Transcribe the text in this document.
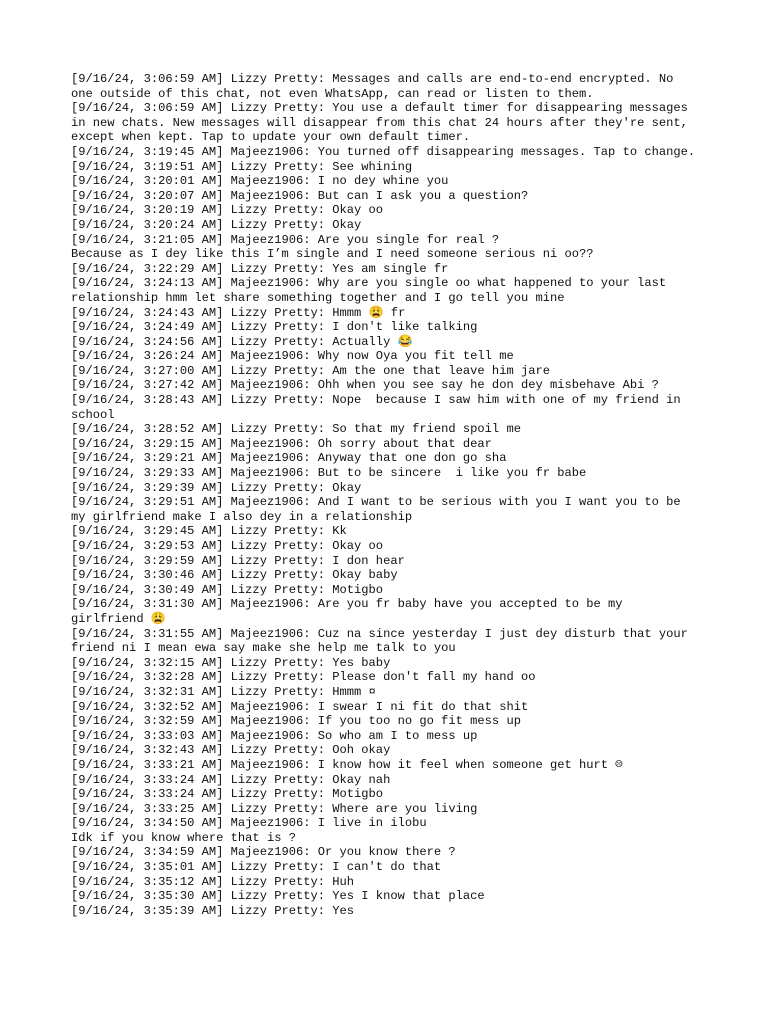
[9/16/24, 3:06:59 AM] Lizzy Pretty: Messages and calls are end-to-end encrypted. No one outside of this chat, not even WhatsApp, can read or listen to them.
[9/16/24, 3:06:59 AM] Lizzy Pretty: You use a default timer for disappearing messages in new chats. New messages will disappear from this chat 24 hours after they're sent, except when kept. Tap to update your own default timer.
[9/16/24, 3:19:45 AM] Majeez1906: You turned off disappearing messages. Tap to change.
[9/16/24, 3:19:51 AM] Lizzy Pretty: See whining
[9/16/24, 3:20:01 AM] Majeez1906: I no dey whine you
[9/16/24, 3:20:07 AM] Majeez1906: But can I ask you a question?
[9/16/24, 3:20:19 AM] Lizzy Pretty: Okay oo
[9/16/24, 3:20:24 AM] Lizzy Pretty: Okay
[9/16/24, 3:21:05 AM] Majeez1906: Are you single for real ?
Because as I dey like this I’m single and I need someone serious ni oo??
[9/16/24, 3:22:29 AM] Lizzy Pretty: Yes am single fr
[9/16/24, 3:24:13 AM] Majeez1906: Why are you single oo what happened to your last relationship hmm let share something together and I go tell you mine
[9/16/24, 3:24:43 AM] Lizzy Pretty: Hmmm 😩 fr
[9/16/24, 3:24:49 AM] Lizzy Pretty: I don't like talking
[9/16/24, 3:24:56 AM] Lizzy Pretty: Actually 😂
[9/16/24, 3:26:24 AM] Majeez1906: Why now Oya you fit tell me
[9/16/24, 3:27:00 AM] Lizzy Pretty: Am the one that leave him jare
[9/16/24, 3:27:42 AM] Majeez1906: Ohh when you see say he don dey misbehave Abi ?
[9/16/24, 3:28:43 AM] Lizzy Pretty: Nope  because I saw him with one of my friend in school
[9/16/24, 3:28:52 AM] Lizzy Pretty: So that my friend spoil me
[9/16/24, 3:29:15 AM] Majeez1906: Oh sorry about that dear
[9/16/24, 3:29:21 AM] Majeez1906: Anyway that one don go sha
[9/16/24, 3:29:33 AM] Majeez1906: But to be sincere  i like you fr babe
[9/16/24, 3:29:39 AM] Lizzy Pretty: Okay
[9/16/24, 3:29:51 AM] Majeez1906: And I want to be serious with you I want you to be my girlfriend make I also dey in a relationship
[9/16/24, 3:29:45 AM] Lizzy Pretty: Kk
[9/16/24, 3:29:53 AM] Lizzy Pretty: Okay oo
[9/16/24, 3:29:59 AM] Lizzy Pretty: I don hear
[9/16/24, 3:30:46 AM] Lizzy Pretty: Okay baby
[9/16/24, 3:30:49 AM] Lizzy Pretty: Motigbo
[9/16/24, 3:31:30 AM] Majeez1906: Are you fr baby have you accepted to be my girlfriend 😩
[9/16/24, 3:31:55 AM] Majeez1906: Cuz na since yesterday I just dey disturb that your friend ni I mean ewa say make she help me talk to you
[9/16/24, 3:32:15 AM] Lizzy Pretty: Yes baby
[9/16/24, 3:32:28 AM] Lizzy Pretty: Please don't fall my hand oo
[9/16/24, 3:32:31 AM] Lizzy Pretty: Hmmm ¤
[9/16/24, 3:32:52 AM] Majeez1906: I swear I ni fit do that shit
[9/16/24, 3:32:59 AM] Majeez1906: If you too no go fit mess up
[9/16/24, 3:33:03 AM] Majeez1906: So who am I to mess up
[9/16/24, 3:32:43 AM] Lizzy Pretty: Ooh okay
[9/16/24, 3:33:21 AM] Majeez1906: I know how it feel when someone get hurt ☹
[9/16/24, 3:33:24 AM] Lizzy Pretty: Okay nah
[9/16/24, 3:33:24 AM] Lizzy Pretty: Motigbo
[9/16/24, 3:33:25 AM] Lizzy Pretty: Where are you living
[9/16/24, 3:34:50 AM] Majeez1906: I live in ilobu
Idk if you know where that is ?
[9/16/24, 3:34:59 AM] Majeez1906: Or you know there ?
[9/16/24, 3:35:01 AM] Lizzy Pretty: I can't do that
[9/16/24, 3:35:12 AM] Lizzy Pretty: Huh
[9/16/24, 3:35:30 AM] Lizzy Pretty: Yes I know that place
[9/16/24, 3:35:39 AM] Lizzy Pretty: Yes
